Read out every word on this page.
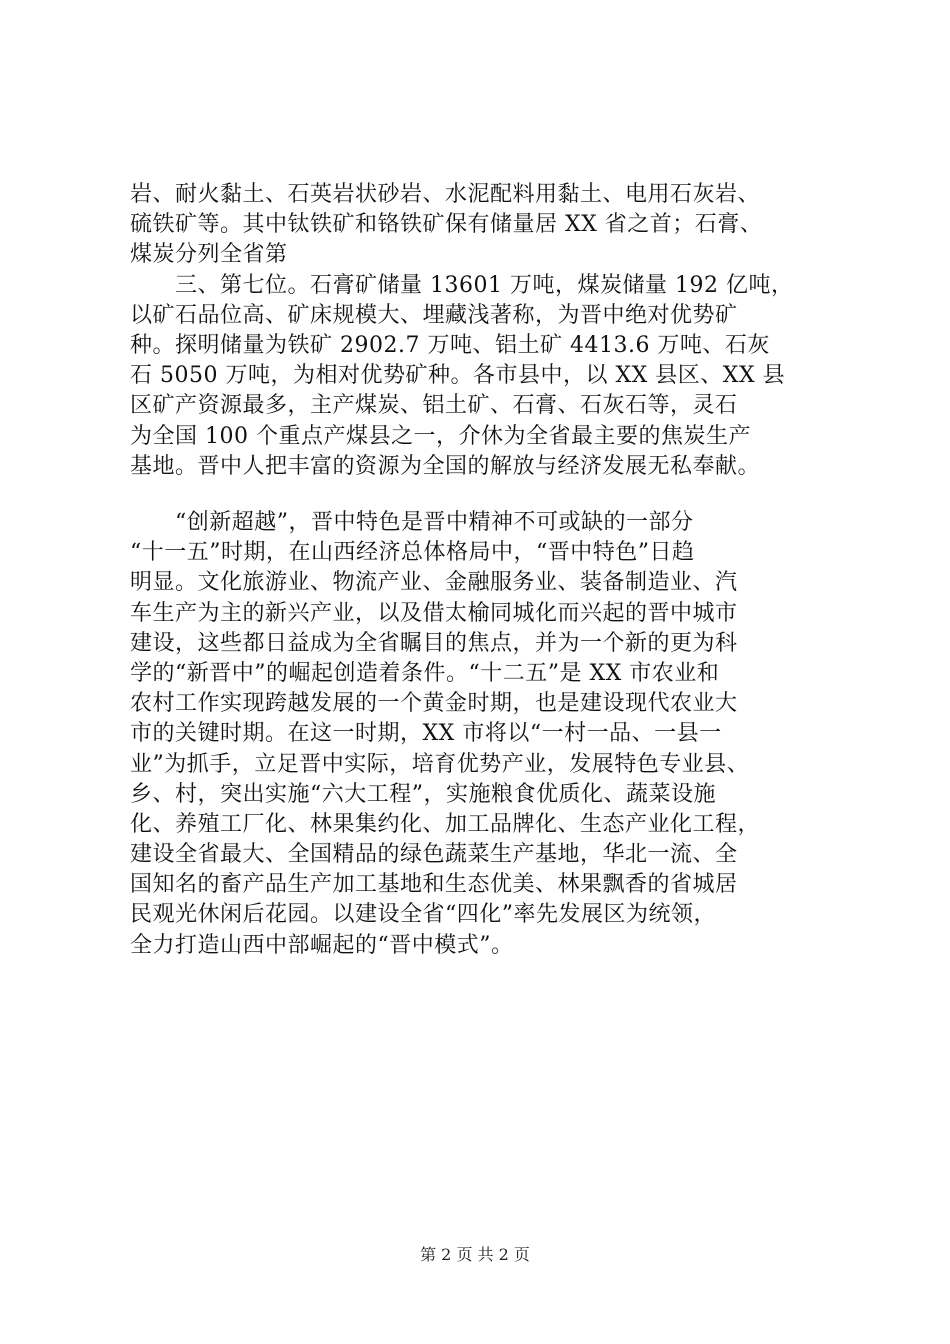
岩、耐火黏土、石英岩状砂岩、水泥配料用黏土、电用石灰岩、
硫铁矿等。其中钛铁矿和铬铁矿保有储量居 XX 省之首；石膏、
煤炭分列全省第
　　三、第七位。石膏矿储量 13601 万吨，煤炭储量 192 亿吨，
以矿石品位高、矿床规模大、埋藏浅著称，为晋中绝对优势矿
种。探明储量为铁矿 2902.7 万吨、铝土矿 4413.6 万吨、石灰
石 5050 万吨，为相对优势矿种。各市县中，以 XX 县区、XX 县
区矿产资源最多，主产煤炭、铝土矿、石膏、石灰石等，灵石
为全国 100 个重点产煤县之一，介休为全省最主要的焦炭生产
基地。晋中人把丰富的资源为全国的解放与经济发展无私奉献。
　　“创新超越”，晋中特色是晋中精神不可或缺的一部分
“十一五”时期，在山西经济总体格局中，“晋中特色”日趋
明显。文化旅游业、物流产业、金融服务业、装备制造业、汽
车生产为主的新兴产业，以及借太榆同城化而兴起的晋中城市
建设，这些都日益成为全省瞩目的焦点，并为一个新的更为科
学的“新晋中”的崛起创造着条件。“十二五”是 XX 市农业和
农村工作实现跨越发展的一个黄金时期，也是建设现代农业大
市的关键时期。在这一时期，XX 市将以“一村一品、一县一
业”为抓手，立足晋中实际，培育优势产业，发展特色专业县、
乡、村，突出实施“六大工程”，实施粮食优质化、蔬菜设施
化、养殖工厂化、林果集约化、加工品牌化、生态产业化工程，
建设全省最大、全国精品的绿色蔬菜生产基地，华北一流、全
国知名的畜产品生产加工基地和生态优美、林果飘香的省城居
民观光休闲后花园。以建设全省“四化”率先发展区为统领，
全力打造山西中部崛起的“晋中模式”。
第 2 页 共 2 页
